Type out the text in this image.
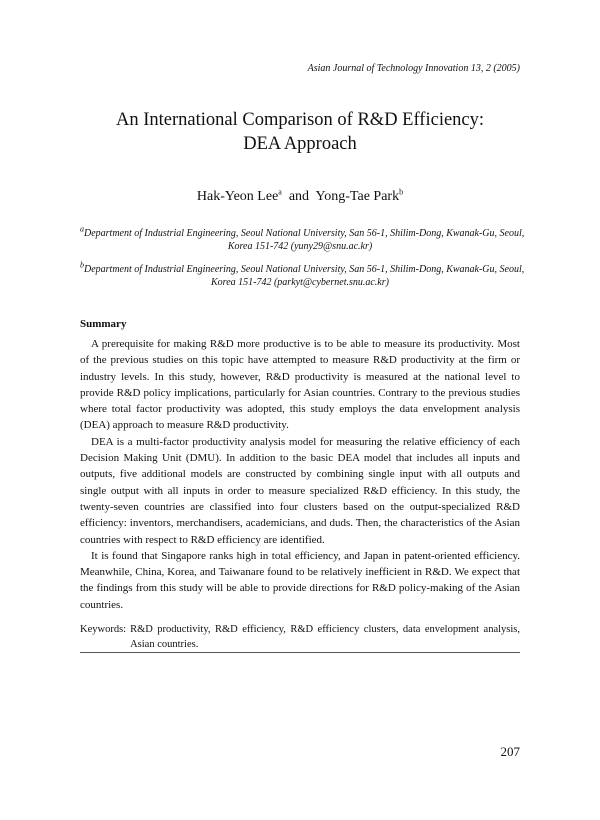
Asian Journal of Technology Innovation 13, 2 (2005)
An International Comparison of R&D Efficiency:
DEA Approach
Hak-Yeon Lee$^a$ and Yong-Tae Park$^b$
$^a$Department of Industrial Engineering, Seoul National University, San 56-1, Shilim-Dong, Kwanak-Gu, Seoul,
Korea 151-742 (yuny29@snu.ac.kr)
$^b$Department of Industrial Engineering, Seoul National University, San 56-1, Shilim-Dong, Kwanak-Gu, Seoul,
Korea 151-742 (parkyt@cybernet.snu.ac.kr)
Summary

A prerequisite for making R&D more productive is to be able to measure its productivity. Most of the previous studies on this topic have attempted to measure R&D productivity at the firm or industry levels. In this study, however, R&D productivity is measured at the national level to provide R&D policy implications, particularly for Asian countries. Contrary to the previous studies where total factor productivity was adopted, this study employs the data envelopment analysis (DEA) approach to measure R&D productivity.

DEA is a multi-factor productivity analysis model for measuring the relative efficiency of each Decision Making Unit (DMU). In addition to the basic DEA model that includes all inputs and outputs, five additional models are constructed by combining single input with all outputs and single output with all inputs in order to measure specialized R&D efficiency. In this study, the twenty-seven countries are classified into four clusters based on the output-specialized R&D efficiency: inventors, merchandisers, academicians, and duds. Then, the characteristics of the Asian countries with respect to R&D efficiency are identified.

It is found that Singapore ranks high in total efficiency, and Japan in patent-oriented efficiency. Meanwhile, China, Korea, and Taiwanare found to be relatively inefficient in R&D. We expect that the findings from this study will be able to provide directions for R&D policy-making of the Asian countries.

Keywords: R&D productivity, R&D efficiency, R&D efficiency clusters, data envelopment analysis, Asian countries.
207
